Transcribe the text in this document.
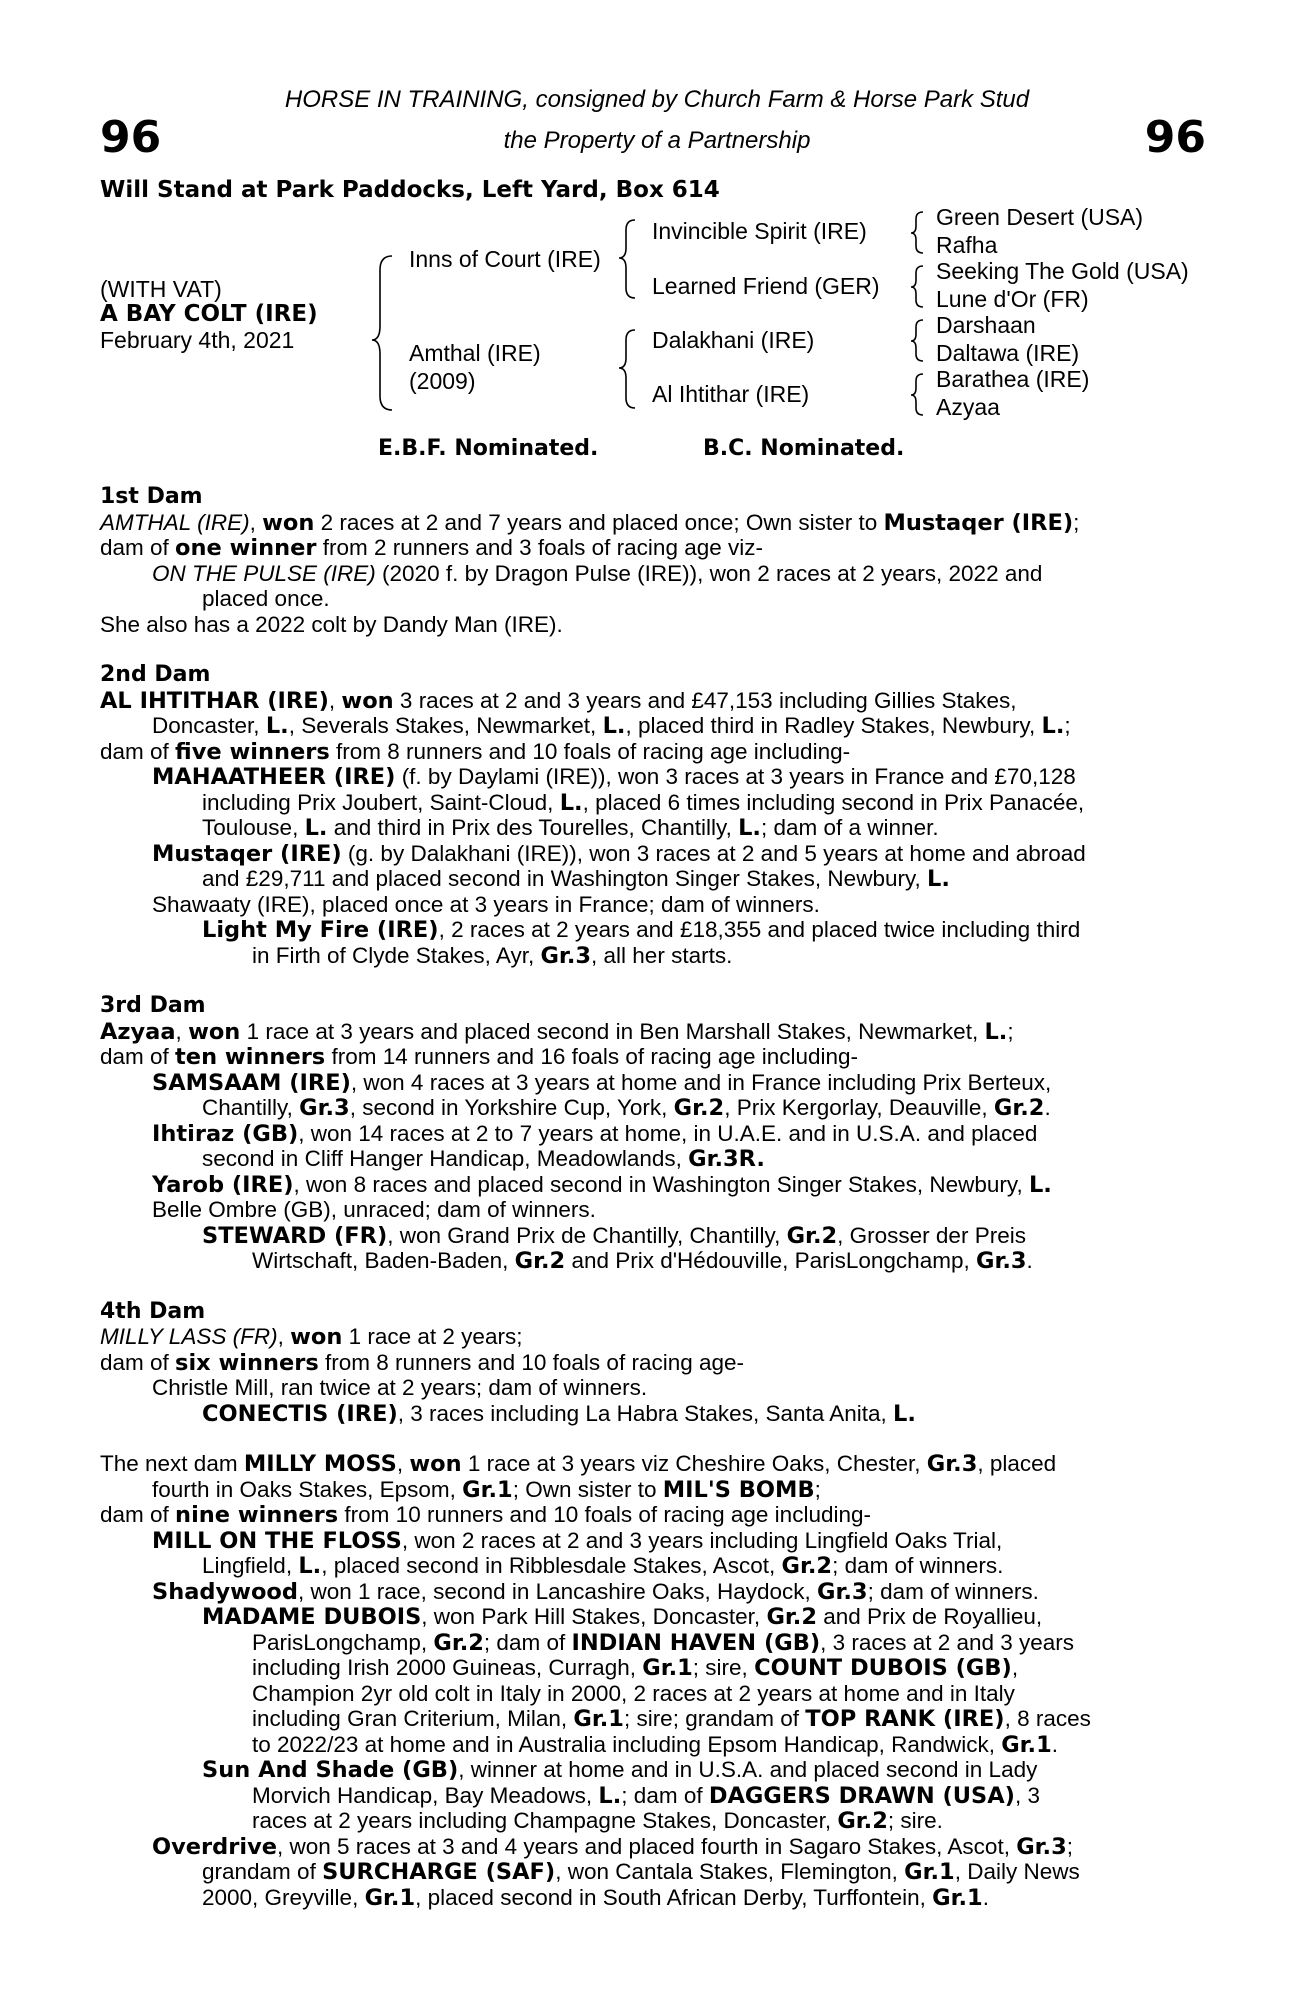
96	96
HORSE IN TRAINING, consigned by Church Farm & Horse Park Stud
the Property of a Partnership
Will Stand at Park Paddocks, Left Yard, Box 614
(WITH VAT)
A BAY COLT (IRE)
February 4th, 2021
Inns of Court (IRE)
Amthal (IRE)
(2009)
Invincible Spirit (IRE)
Learned Friend (GER)
Dalakhani (IRE)
Al Ihtithar (IRE)
Green Desert (USA)
Rafha
Seeking The Gold (USA)
Lune d'Or (FR)
Darshaan
Daltawa (IRE)
Barathea (IRE)
Azyaa
E.B.F. Nominated.	B.C. Nominated.
1st Dam
AMTHAL (IRE), won 2 races at 2 and 7 years and placed once; Own sister to Mustaqer (IRE);
dam of one winner from 2 runners and 3 foals of racing age viz-
ON THE PULSE (IRE) (2020 f. by Dragon Pulse (IRE)), won 2 races at 2 years, 2022 and
placed once.
She also has a 2022 colt by Dandy Man (IRE).
2nd Dam
AL IHTITHAR (IRE), won 3 races at 2 and 3 years and £47,153 including Gillies Stakes,
Doncaster, L., Severals Stakes, Newmarket, L., placed third in Radley Stakes, Newbury, L.;
dam of five winners from 8 runners and 10 foals of racing age including-
MAHAATHEER (IRE) (f. by Daylami (IRE)), won 3 races at 3 years in France and £70,128
including Prix Joubert, Saint-Cloud, L., placed 6 times including second in Prix Panacée,
Toulouse, L. and third in Prix des Tourelles, Chantilly, L.; dam of a winner.
Mustaqer (IRE) (g. by Dalakhani (IRE)), won 3 races at 2 and 5 years at home and abroad
and £29,711 and placed second in Washington Singer Stakes, Newbury, L.
Shawaaty (IRE), placed once at 3 years in France; dam of winners.
Light My Fire (IRE), 2 races at 2 years and £18,355 and placed twice including third
in Firth of Clyde Stakes, Ayr, Gr.3, all her starts.
3rd Dam
Azyaa, won 1 race at 3 years and placed second in Ben Marshall Stakes, Newmarket, L.;
dam of ten winners from 14 runners and 16 foals of racing age including-
SAMSAAM (IRE), won 4 races at 3 years at home and in France including Prix Berteux,
Chantilly, Gr.3, second in Yorkshire Cup, York, Gr.2, Prix Kergorlay, Deauville, Gr.2.
Ihtiraz (GB), won 14 races at 2 to 7 years at home, in U.A.E. and in U.S.A. and placed
second in Cliff Hanger Handicap, Meadowlands, Gr.3R.
Yarob (IRE), won 8 races and placed second in Washington Singer Stakes, Newbury, L.
Belle Ombre (GB), unraced; dam of winners.
STEWARD (FR), won Grand Prix de Chantilly, Chantilly, Gr.2, Grosser der Preis
Wirtschaft, Baden-Baden, Gr.2 and Prix d'Hédouville, ParisLongchamp, Gr.3.
4th Dam
MILLY LASS (FR), won 1 race at 2 years;
dam of six winners from 8 runners and 10 foals of racing age-
Christle Mill, ran twice at 2 years; dam of winners.
CONECTIS (IRE), 3 races including La Habra Stakes, Santa Anita, L.
The next dam MILLY MOSS, won 1 race at 3 years viz Cheshire Oaks, Chester, Gr.3, placed
fourth in Oaks Stakes, Epsom, Gr.1; Own sister to MIL'S BOMB;
dam of nine winners from 10 runners and 10 foals of racing age including-
MILL ON THE FLOSS, won 2 races at 2 and 3 years including Lingfield Oaks Trial,
Lingfield, L., placed second in Ribblesdale Stakes, Ascot, Gr.2; dam of winners.
Shadywood, won 1 race, second in Lancashire Oaks, Haydock, Gr.3; dam of winners.
MADAME DUBOIS, won Park Hill Stakes, Doncaster, Gr.2 and Prix de Royallieu,
ParisLongchamp, Gr.2; dam of INDIAN HAVEN (GB), 3 races at 2 and 3 years
including Irish 2000 Guineas, Curragh, Gr.1; sire, COUNT DUBOIS (GB),
Champion 2yr old colt in Italy in 2000, 2 races at 2 years at home and in Italy
including Gran Criterium, Milan, Gr.1; sire; grandam of TOP RANK (IRE), 8 races
to 2022/23 at home and in Australia including Epsom Handicap, Randwick, Gr.1.
Sun And Shade (GB), winner at home and in U.S.A. and placed second in Lady
Morvich Handicap, Bay Meadows, L.; dam of DAGGERS DRAWN (USA), 3
races at 2 years including Champagne Stakes, Doncaster, Gr.2; sire.
Overdrive, won 5 races at 3 and 4 years and placed fourth in Sagaro Stakes, Ascot, Gr.3;
grandam of SURCHARGE (SAF), won Cantala Stakes, Flemington, Gr.1, Daily News
2000, Greyville, Gr.1, placed second in South African Derby, Turffontein, Gr.1.
